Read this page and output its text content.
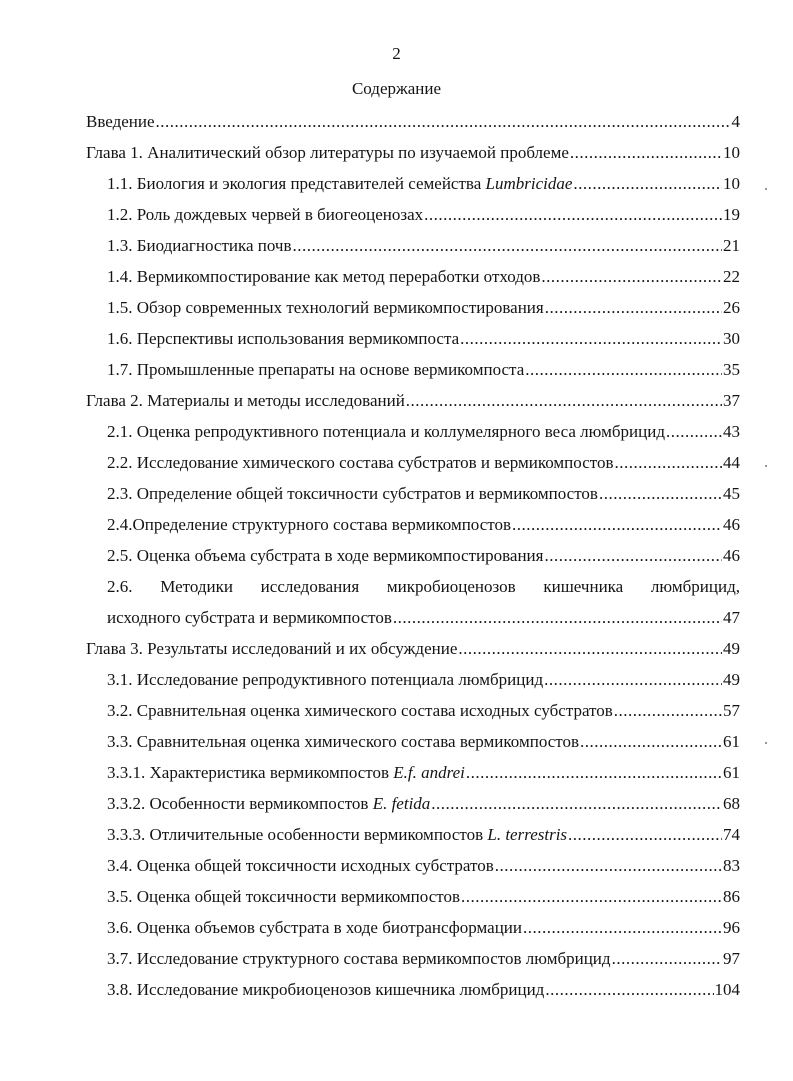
2
Содержание
Введение .....	4
Глава 1. Аналитический обзор литературы по изучаемой проблеме .....	10
1.1. Биология и экология представителей семейства Lumbricidae .....	10
1.2. Роль дождевых червей в биогеоценозах .....	19
1.3. Биодиагностика почв .....	21
1.4. Вермикомпостирование как метод переработки отходов .....	22
1.5. Обзор современных технологий вермикомпостирования .....	26
1.6. Перспективы использования вермикомпоста .....	30
1.7. Промышленные препараты на основе вермикомпоста .....	35
Глава 2. Материалы и методы исследований .....	37
2.1. Оценка репродуктивного потенциала и коллумелярного веса люмбрицид .....	43
2.2. Исследование химического состава субстратов и вермикомпостов .....	44
2.3. Определение общей токсичности субстратов и вермикомпостов .....	45
2.4.Определение структурного состава вермикомпостов .....	46
2.5. Оценка объема субстрата в ходе вермикомпостирования .....	46
2.6. Методики исследования микробиоценозов кишечника люмбрицид,
исходного субстрата и вермикомпостов .....	47
Глава 3. Результаты исследований и их обсуждение .....	49
3.1. Исследование репродуктивного потенциала люмбрицид .....	49
3.2. Сравнительная оценка химического состава исходных субстратов .....	57
3.3. Сравнительная оценка химического состава вермикомпостов .....	61
3.3.1. Характеристика вермикомпостов E.f. andrei .....	61
3.3.2. Особенности вермикомпостов E. fetida .....	68
3.3.3. Отличительные особенности вермикомпостов L. terrestris .....	74
3.4. Оценка общей токсичности исходных субстратов .....	83
3.5. Оценка общей токсичности вермикомпостов .....	86
3.6. Оценка объемов субстрата в ходе биотрансформации .....	96
3.7. Исследование структурного состава вермикомпостов люмбрицид .....	97
3.8. Исследование микробиоценозов кишечника люмбрицид .....	104
